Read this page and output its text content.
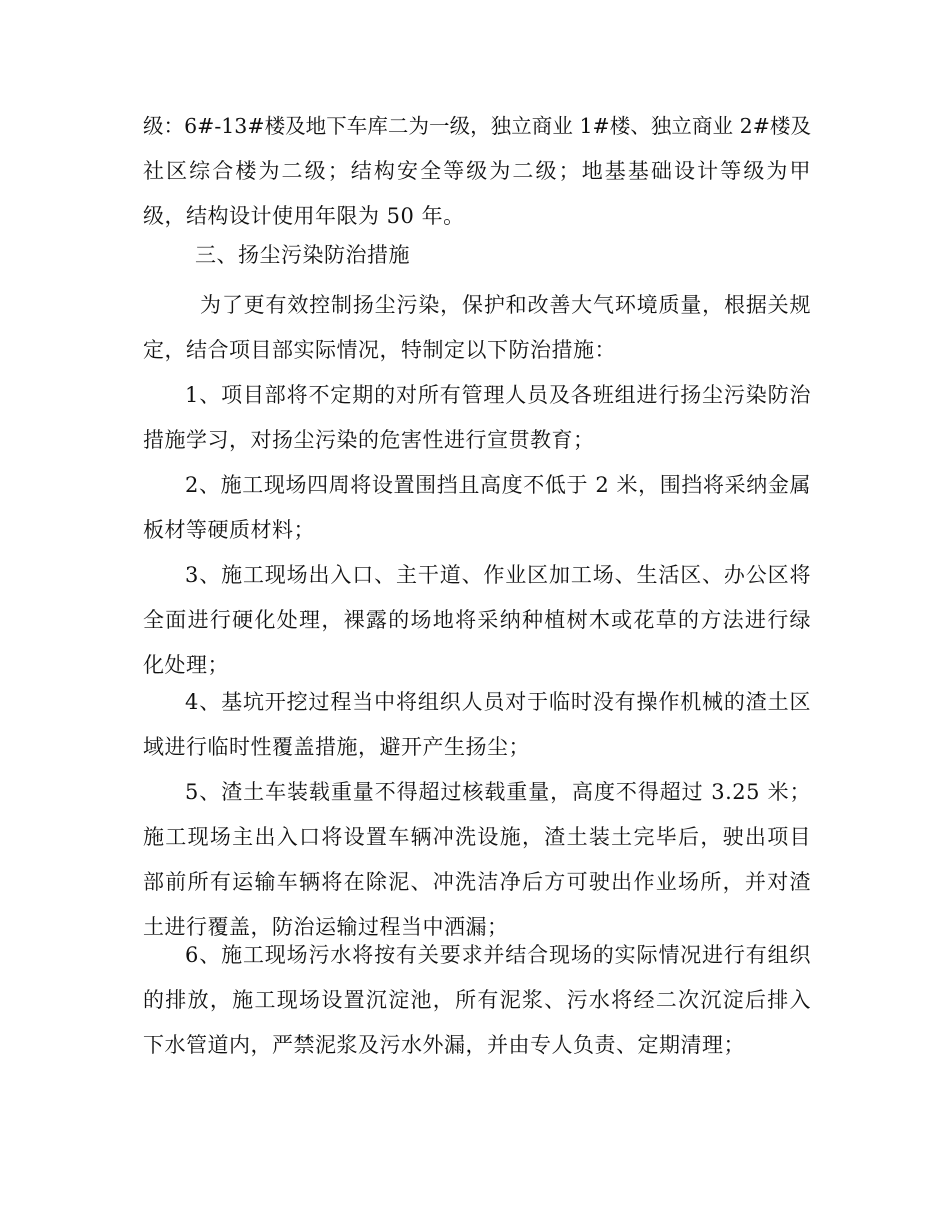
级：6#-13#楼及地下车库二为一级，独立商业 1#楼、独立商业 2#楼及
社区综合楼为二级；结构安全等级为二级；地基基础设计等级为甲
级，结构设计使用年限为 50 年。
三、扬尘污染防治措施
为了更有效控制扬尘污染，保护和改善大气环境质量，根据关规
定，结合项目部实际情况，特制定以下防治措施：
1、项目部将不定期的对所有管理人员及各班组进行扬尘污染防治
措施学习，对扬尘污染的危害性进行宣贯教育；
2、施工现场四周将设置围挡且高度不低于 2 米，围挡将采纳金属
板材等硬质材料；
3、施工现场出入口、主干道、作业区加工场、生活区、办公区将
全面进行硬化处理，裸露的场地将采纳种植树木或花草的方法进行绿
化处理；
4、基坑开挖过程当中将组织人员对于临时没有操作机械的渣土区
域进行临时性覆盖措施，避开产生扬尘；
5、渣土车装载重量不得超过核载重量，高度不得超过 3.25 米；
施工现场主出入口将设置车辆冲洗设施，渣土装土完毕后，驶出项目
部前所有运输车辆将在除泥、冲洗洁净后方可驶出作业场所，并对渣
土进行覆盖，防治运输过程当中洒漏；
6、施工现场污水将按有关要求并结合现场的实际情况进行有组织
的排放，施工现场设置沉淀池，所有泥浆、污水将经二次沉淀后排入
下水管道内，严禁泥浆及污水外漏，并由专人负责、定期清理；
